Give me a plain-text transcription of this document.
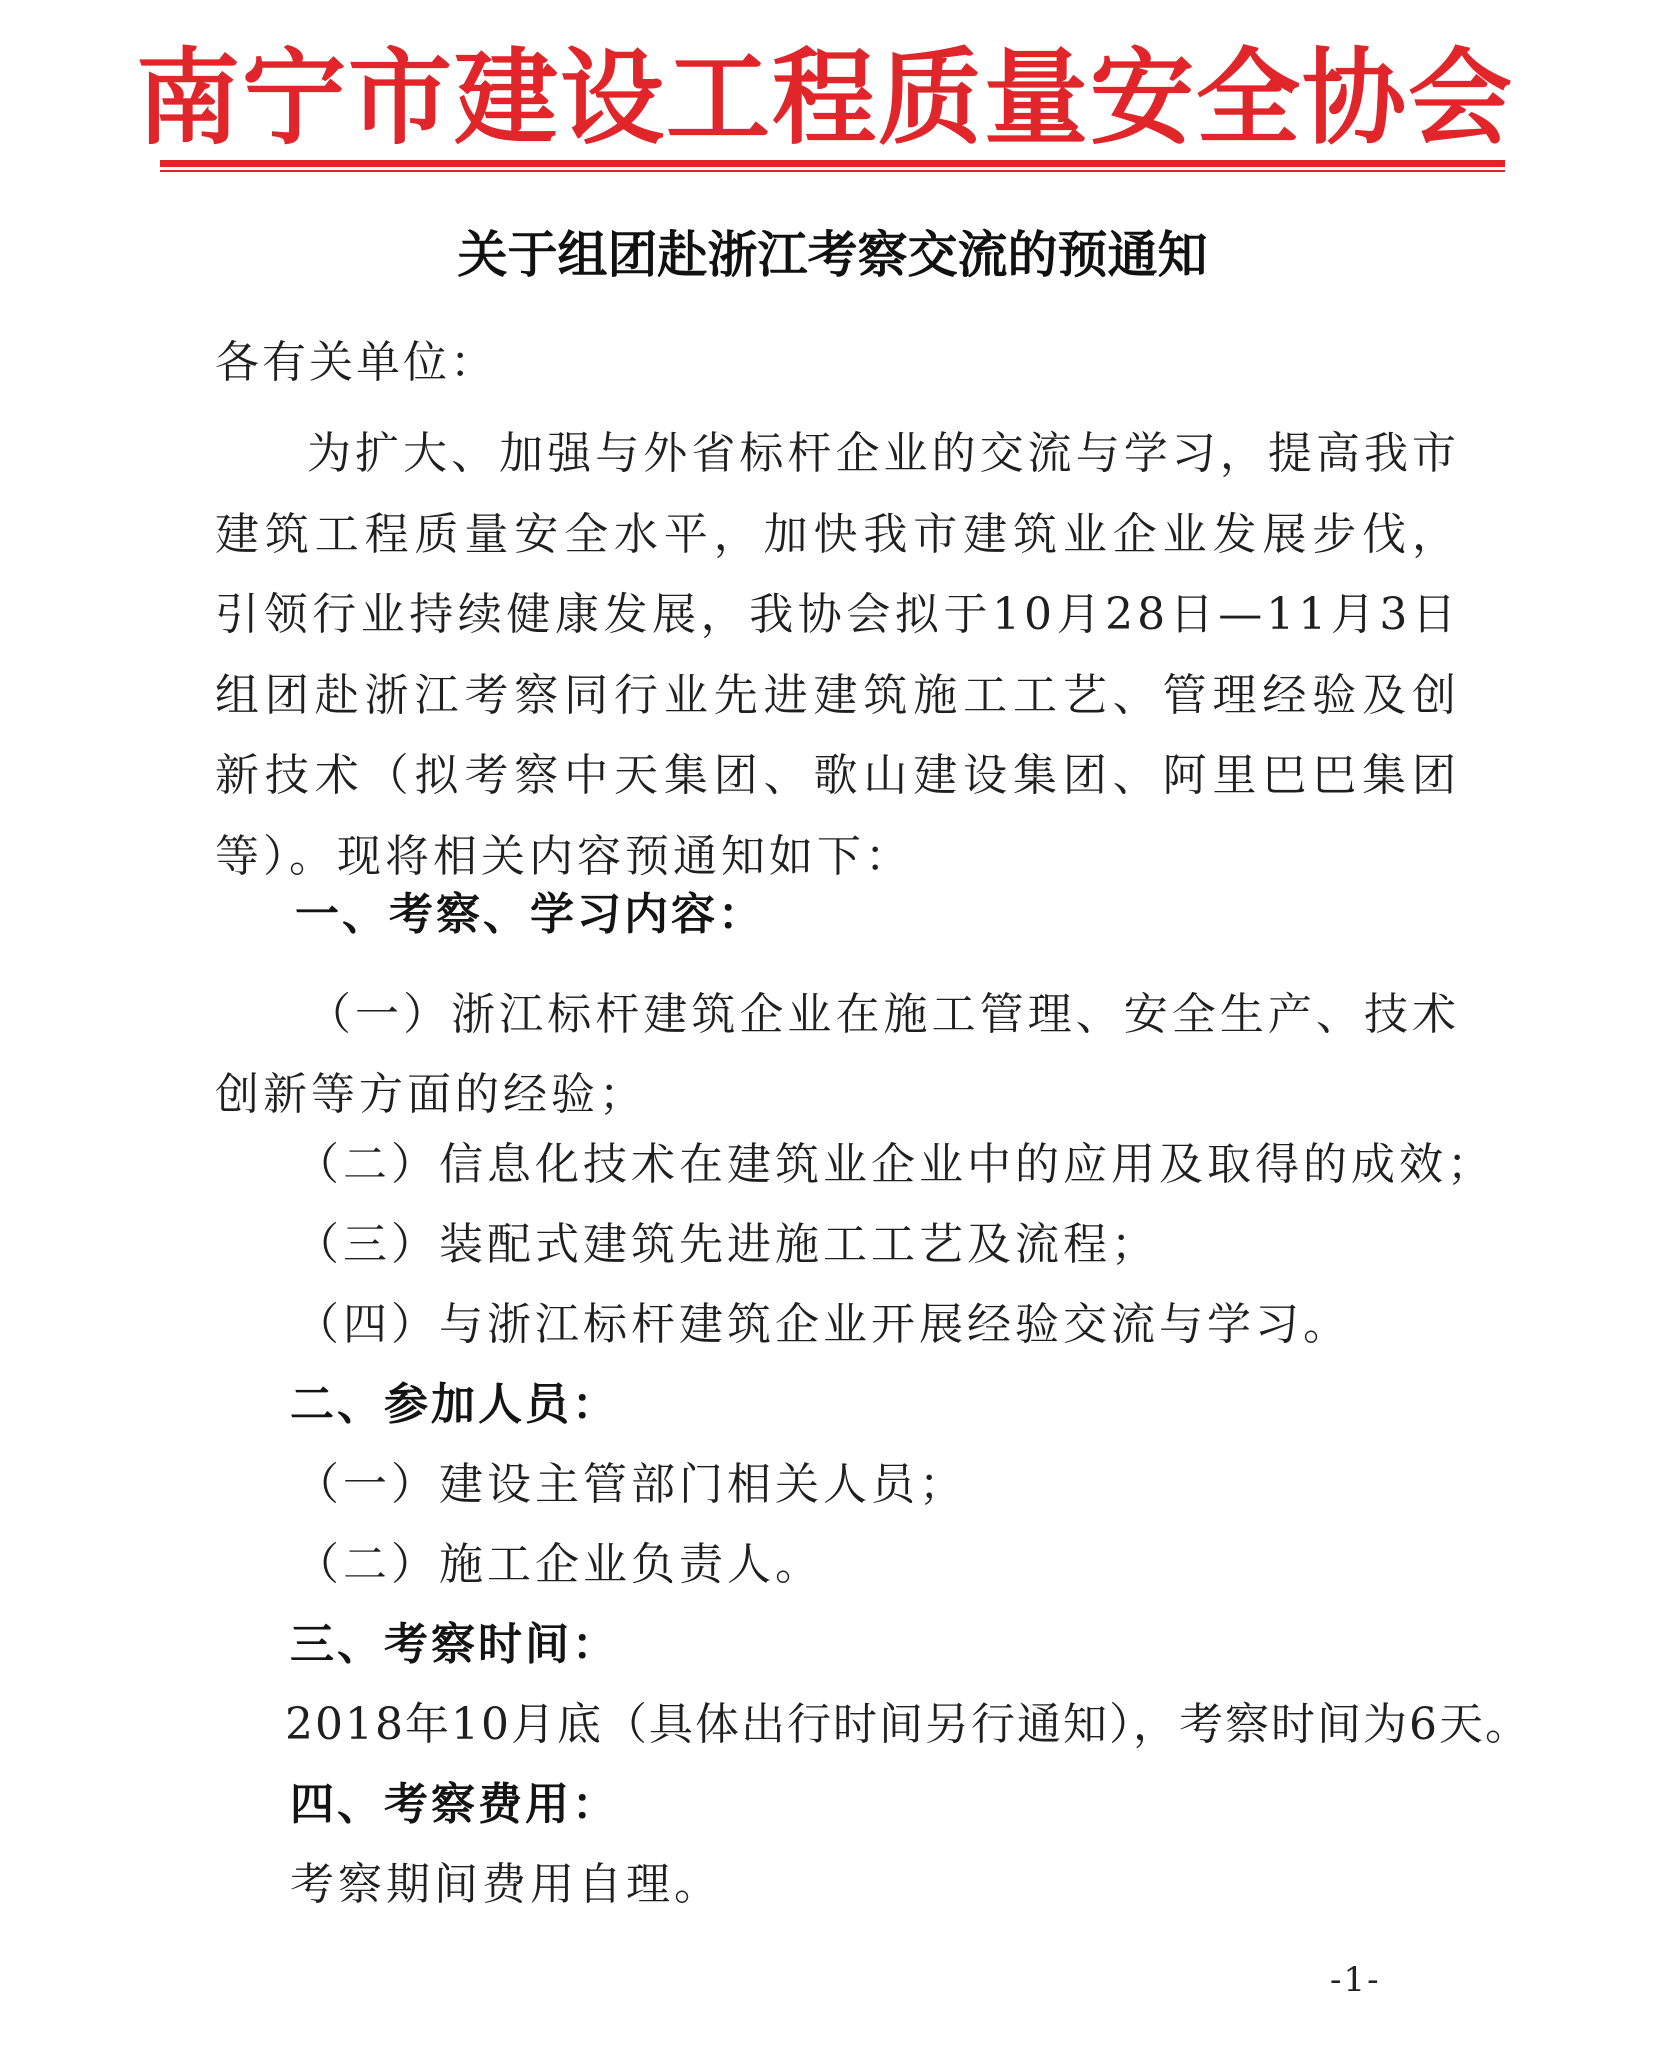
南宁市建设工程质量安全协会
关于组团赴浙江考察交流的预通知
各有关单位：
为扩大、加强与外省标杆企业的交流与学习，提高我市建筑工程质量安全水平，加快我市建筑业企业发展步伐，引领行业持续健康发展，我协会拟于10月28日—11月3日组团赴浙江考察同行业先进建筑施工工艺、管理经验及创新技术（拟考察中天集团、歌山建设集团、阿里巴巴集团等）。现将相关内容预通知如下：
一、考察、学习内容：
（一）浙江标杆建筑企业在施工管理、安全生产、技术创新等方面的经验；
（二）信息化技术在建筑业企业中的应用及取得的成效；
（三）装配式建筑先进施工工艺及流程；
（四）与浙江标杆建筑企业开展经验交流与学习。
二、参加人员：
（一）建设主管部门相关人员；
（二）施工企业负责人。
三、考察时间：
2018年10月底（具体出行时间另行通知），考察时间为6天。
四、考察费用：
考察期间费用自理。
-1-
